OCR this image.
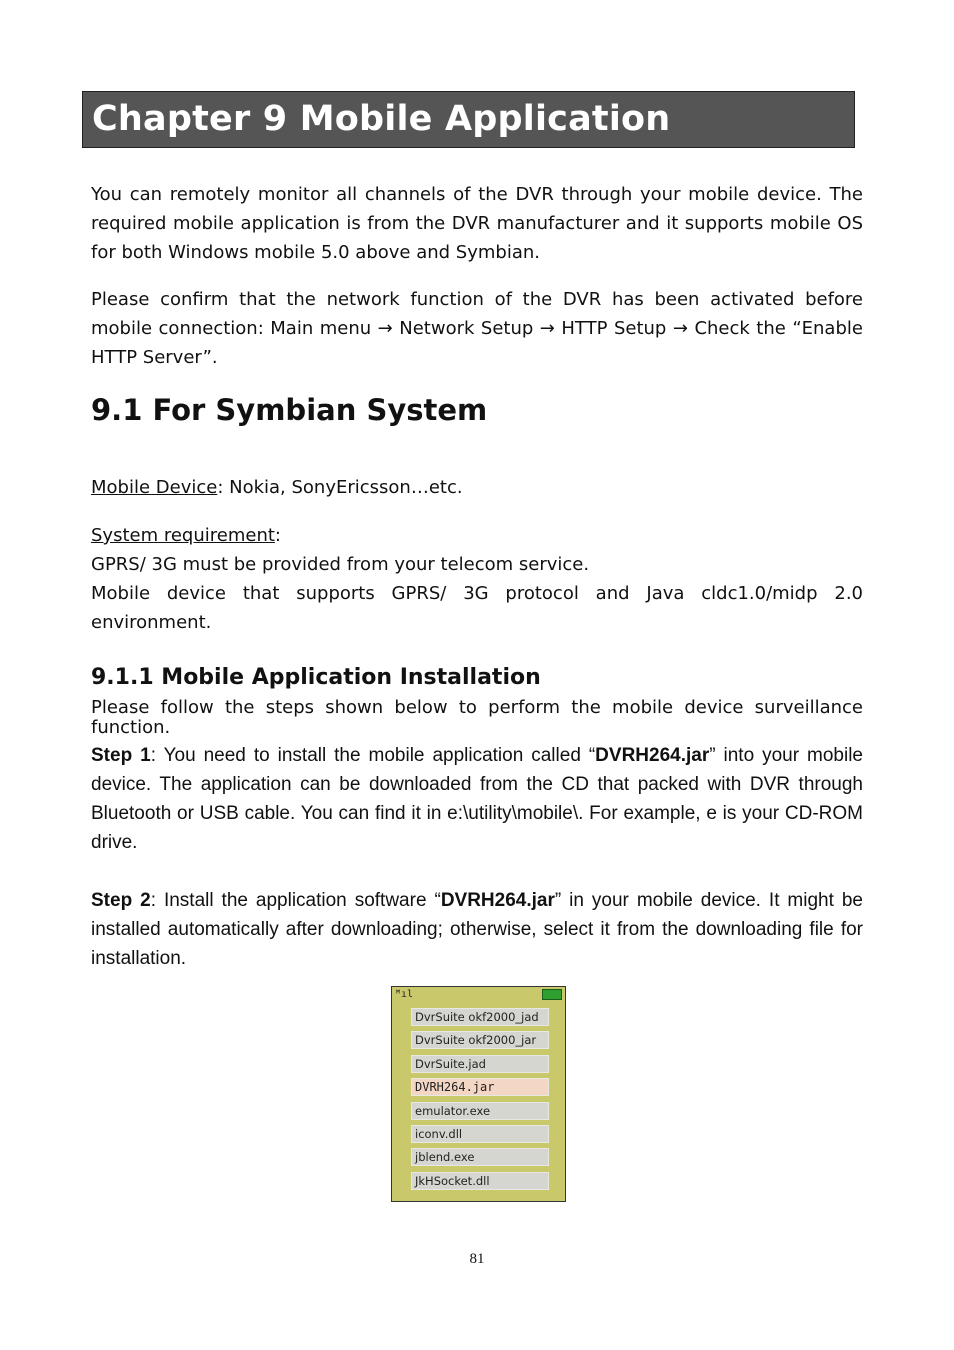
Chapter 9 Mobile Application

You can remotely monitor all channels of the DVR through your mobile device. The required mobile application is from the DVR manufacturer and it supports mobile OS for both Windows mobile 5.0 above and Symbian.

Please confirm that the network function of the DVR has been activated before mobile connection: Main menu → Network Setup → HTTP Setup → Check the “Enable HTTP Server”.

9.1 For Symbian System

Mobile Device: Nokia, SonyEricsson…etc.

System requirement:

GPRS/ 3G must be provided from your telecom service.

Mobile device that supports GPRS/ 3G protocol and Java cldc1.0/midp 2.0 environment.

9.1.1 Mobile Application Installation

Please follow the steps shown below to perform the mobile device surveillance function.

Step 1: You need to install the mobile application called “DVRH264.jar” into your mobile device. The application can be downloaded from the CD that packed with DVR through Bluetooth or USB cable. You can find it in e:\utility\mobile\. For example, e is your CD-ROM drive.

Step 2: Install the application software “DVRH264.jar” in your mobile device. It might be installed automatically after downloading; otherwise, select it from the downloading file for installation.

ꟸıl
DvrSuite okf2000_jad
DvrSuite okf2000_jar
DvrSuite.jad
DVRH264.jar
emulator.exe
iconv.dll
jblend.exe
JkHSocket.dll
81
